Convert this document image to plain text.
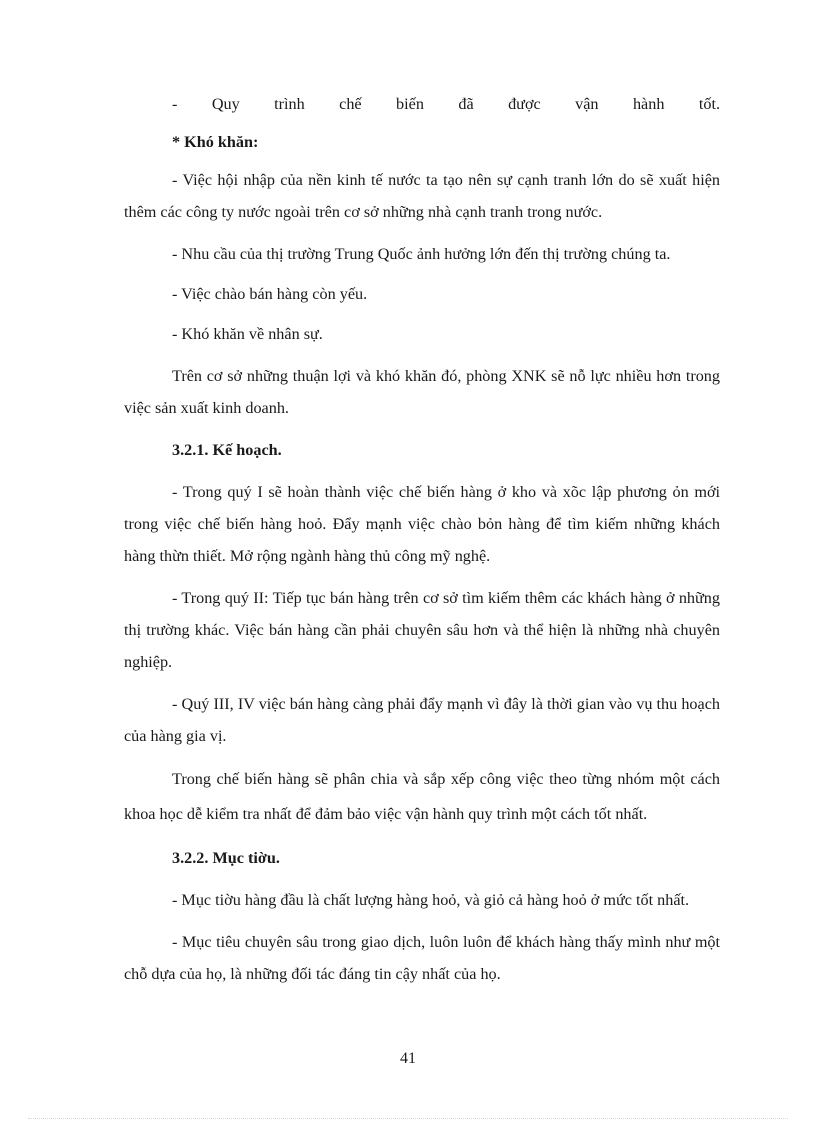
- Quy trình chế biến đã được vận hành tốt.

* Khó khăn:

- Việc hội nhập của nền kinh tế nước ta tạo nên sự cạnh tranh lớn do sẽ xuất hiện thêm các công ty nước ngoài trên cơ sở những nhà cạnh tranh trong nước.

- Nhu cầu của thị trường Trung Quốc ảnh hưởng lớn đến thị trường chúng ta.

- Việc chào bán hàng còn yếu.

- Khó khăn về nhân sự.

Trên cơ sở những thuận lợi và khó khăn đó, phòng XNK sẽ nỗ lực nhiều hơn trong việc sản xuất kinh doanh.

3.2.1. Kế hoạch.

- Trong quý I sẽ hoàn thành việc chế biến hàng ở kho và xõc lập phương ỏn mới trong việc chế biến hàng hoỏ. Đẩy mạnh việc chào bỏn hàng để tìm kiếm những khách hàng thừn thiết. Mở rộng ngành hàng thủ công mỹ nghệ.

- Trong quý II: Tiếp tục bán hàng trên cơ sở tìm kiếm thêm các khách hàng ở những thị trường khác. Việc bán hàng cần phải chuyên sâu hơn và thể hiện là những nhà chuyên nghiệp.

- Quý III, IV việc bán hàng càng phải đẩy mạnh vì đây là thời gian vào vụ thu hoạch của hàng gia vị.

Trong chế biến hàng sẽ phân chia và sắp xếp công việc theo từng nhóm một cách khoa học dễ kiểm tra nhất để đảm bảo việc vận hành quy trình một cách tốt nhất.

3.2.2. Mục tiờu.

- Mục tiờu hàng đầu là chất lượng hàng hoỏ, và giỏ cả hàng hoỏ ở mức tốt nhất.

- Mục tiêu chuyên sâu trong giao dịch, luôn luôn để khách hàng thấy mình như một chỗ dựa của họ, là những đối tác đáng tin cậy nhất của họ.

41
